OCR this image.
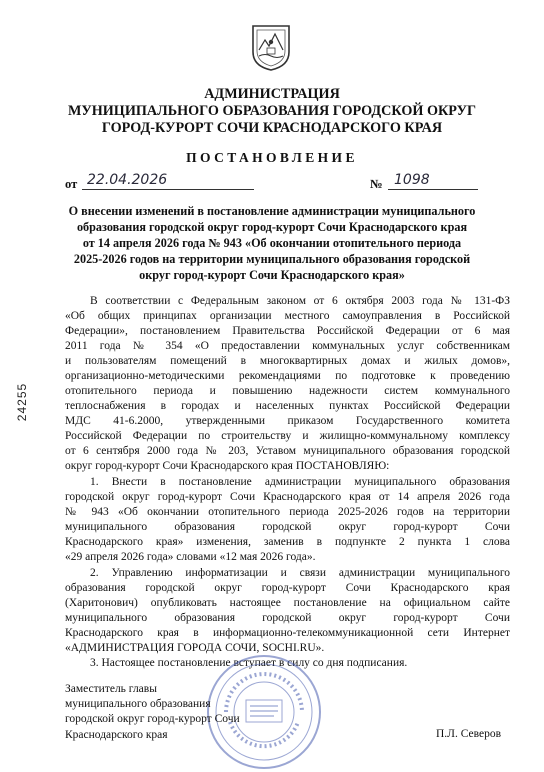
24255
АДМИНИСТРАЦИЯ
МУНИЦИПАЛЬНОГО ОБРАЗОВАНИЯ ГОРОДСКОЙ ОКРУГ
ГОРОД-КУРОРТ СОЧИ КРАСНОДАРСКОГО КРАЯ
ПОСТАНОВЛЕНИЕ
от 22.04.2026	№ 1098
О внесении изменений в постановление администрации муниципального
образования городской округ город-курорт Сочи Краснодарского края
от 14 апреля 2026 года № 943 «Об окончании отопительного периода
2025-2026 годов на территории муниципального образования городской
округ город-курорт Сочи Краснодарского края»
В соответствии с Федеральным законом от 6 октября 2003 года № 131-ФЗ
«Об общих принципах организации местного самоуправления в Российской
Федерации», постановлением Правительства Российской Федерации от 6 мая
2011 года № 354 «О предоставлении коммунальных услуг собственникам
и пользователям помещений в многоквартирных домах и жилых домов»,
организационно-методическими рекомендациями по подготовке к проведению
отопительного периода и повышению надежности систем коммунального
теплоснабжения в городах и населенных пунктах Российской Федерации
МДС 41-6.2000, утвержденными приказом Государственного комитета
Российской Федерации по строительству и жилищно-коммунальному комплексу
от 6 сентября 2000 года № 203, Уставом муниципального образования городской
округ город-курорт Сочи Краснодарского края ПОСТАНОВЛЯЮ:
1. Внести в постановление администрации муниципального образования
городской округ город-курорт Сочи Краснодарского края от 14 апреля 2026 года
№ 943 «Об окончании отопительного периода 2025-2026 годов на территории
муниципального образования городской округ город-курорт Сочи
Краснодарского края» изменения, заменив в подпункте 2 пункта 1 слова
«29 апреля 2026 года» словами «12 мая 2026 года».
2. Управлению информатизации и связи администрации муниципального
образования городской округ город-курорт Сочи Краснодарского края
(Харитонович) опубликовать настоящее постановление на официальном сайте
муниципального образования городской округ город-курорт Сочи
Краснодарского края в информационно-телекоммуникационной сети Интернет
«АДМИНИСТРАЦИЯ ГОРОДА СОЧИ, SOCHI.RU».
3. Настоящее постановление вступает в силу со дня подписания.
Заместитель главы
муниципального образования
городской округ город-курорт Сочи
Краснодарского края	П.Л. Северов
